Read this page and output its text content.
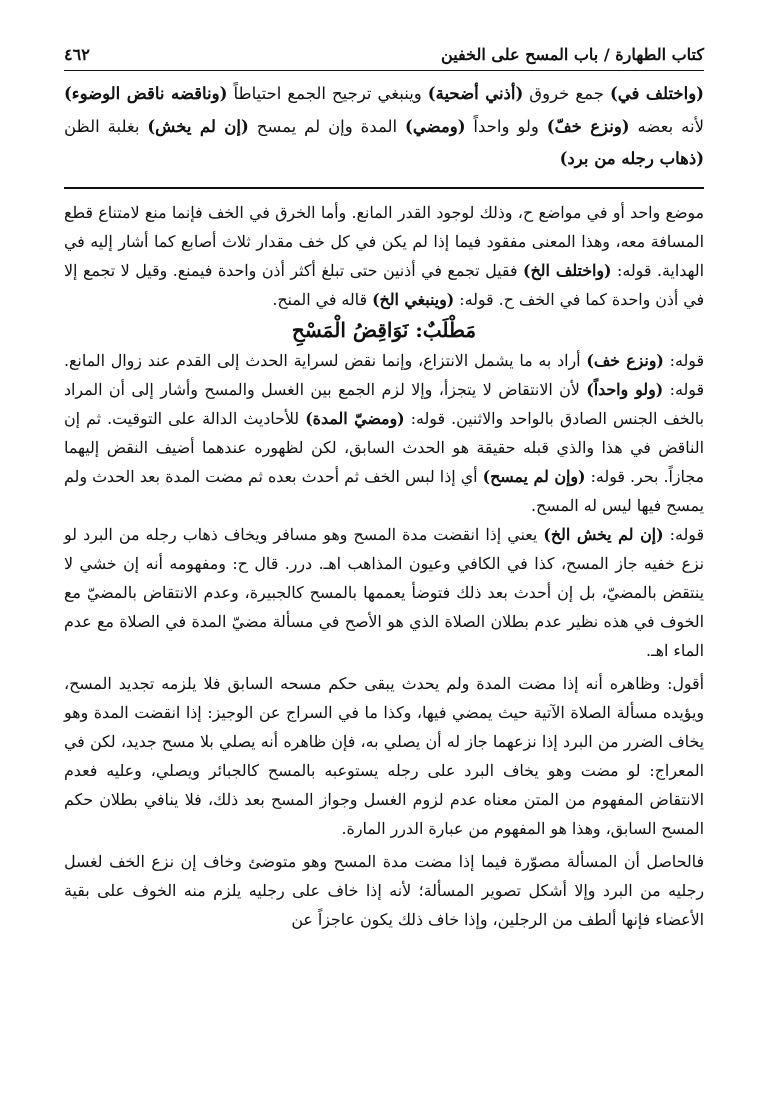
كتاب الطهارة / باب المسح على الخفين
٤٦٢
(واختلف في) جمع خروق (أذني أضحية) وينبغي ترجيح الجمع احتياطاً (وناقضه ناقض الوضوء) لأنه بعضه (ونزع خفّ) ولو واحداً (ومضي) المدة وإن لم يمسح (إن لم يخش) بغلبة الظن (ذهاب رجله من برد)

موضع واحد أو في مواضع ح، وذلك لوجود القدر المانع. وأما الخرق في الخف فإنما منع لامتناع قطع المسافة معه، وهذا المعنى مفقود فيما إذا لم يكن في كل خف مقدار ثلاث أصابع كما أشار إليه في الهداية. قوله: (واختلف الخ) فقيل تجمع في أذنين حتى تبلغ أكثر أذن واحدة فيمنع. وقيل لا تجمع إلا في أذن واحدة كما في الخف ح. قوله: (وينبغي الخ) قاله في المنح.

مَطْلَبٌ: نَوَاقِضُ الْمَسْحِ

قوله: (ونزع خف) أراد به ما يشمل الانتزاع، وإنما نقض لسراية الحدث إلى القدم عند زوال المانع. قوله: (ولو واحداً) لأن الانتقاض لا يتجزأ، وإلا لزم الجمع بين الغسل والمسح وأشار إلى أن المراد بالخف الجنس الصادق بالواحد والاثنين. قوله: (ومضيّ المدة) للأحاديث الدالة على التوقيت. ثم إن الناقض في هذا والذي قبله حقيقة هو الحدث السابق، لكن لظهوره عندهما أضيف النقض إليهما مجازاً. بحر. قوله: (وإن لم يمسح) أي إذا لبس الخف ثم أحدث بعده ثم مضت المدة بعد الحدث ولم يمسح فيها ليس له المسح.

قوله: (إن لم يخش الخ) يعني إذا انقضت مدة المسح وهو مسافر ويخاف ذهاب رجله من البرد لو نزع خفيه جاز المسح، كذا في الكافي وعيون المذاهب اهـ. درر. قال ح: ومفهومه أنه إن خشي لا ينتقض بالمضيّ، بل إن أحدث بعد ذلك فتوضأ يعممها بالمسح كالجبيرة، وعدم الانتقاض بالمضيّ مع الخوف في هذه نظير عدم بطلان الصلاة الذي هو الأصح في مسألة مضيّ المدة في الصلاة مع عدم الماء اهـ.

أقول: وظاهره أنه إذا مضت المدة ولم يحدث يبقى حكم مسحه السابق فلا يلزمه تجديد المسح، ويؤيده مسألة الصلاة الآتية حيث يمضي فيها، وكذا ما في السراج عن الوجيز: إذا انقضت المدة وهو يخاف الضرر من البرد إذا نزعهما جاز له أن يصلي به، فإن ظاهره أنه يصلي بلا مسح جديد، لكن في المعراج: لو مضت وهو يخاف البرد على رجله يستوعبه بالمسح كالجبائر ويصلي، وعليه فعدم الانتقاض المفهوم من المتن معناه عدم لزوم الغسل وجواز المسح بعد ذلك، فلا ينافي بطلان حكم المسح السابق، وهذا هو المفهوم من عبارة الدرر المارة.

فالحاصل أن المسألة مصوّرة فيما إذا مضت مدة المسح وهو متوضئ وخاف إن نزع الخف لغسل رجليه من البرد وإلا أشكل تصوير المسألة؛ لأنه إذا خاف على رجليه يلزم منه الخوف على بقية الأعضاء فإنها ألطف من الرجلين، وإذا خاف ذلك يكون عاجزاً عن
